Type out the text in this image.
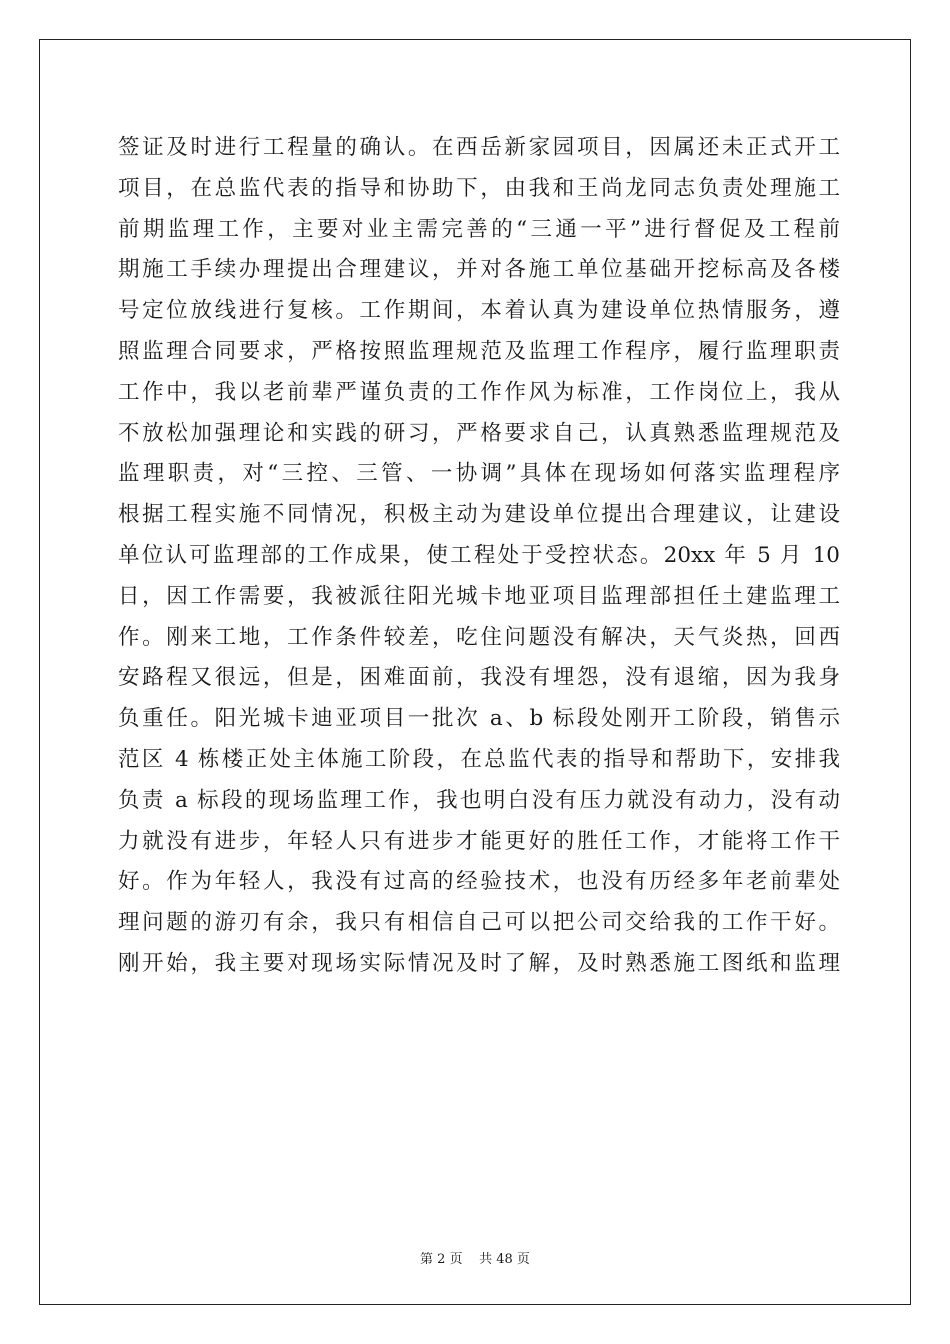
签证及时进行工程量的确认。在西岳新家园项目，因属还未正式开工
项目，在总监代表的指导和协助下，由我和王尚龙同志负责处理施工
前期监理工作，主要对业主需完善的“三通一平”进行督促及工程前
期施工手续办理提出合理建议，并对各施工单位基础开挖标高及各楼
号定位放线进行复核。工作期间，本着认真为建设单位热情服务，遵
照监理合同要求，严格按照监理规范及监理工作程序，履行监理职责
工作中，我以老前辈严谨负责的工作作风为标准，工作岗位上，我从
不放松加强理论和实践的研习，严格要求自己，认真熟悉监理规范及
监理职责，对“三控、三管、一协调”具体在现场如何落实监理程序
根据工程实施不同情况，积极主动为建设单位提出合理建议，让建设
单位认可监理部的工作成果，使工程处于受控状态。20xx 年 5 月 10
日，因工作需要，我被派往阳光城卡地亚项目监理部担任土建监理工
作。刚来工地，工作条件较差，吃住问题没有解决，天气炎热，回西
安路程又很远，但是，困难面前，我没有埋怨，没有退缩，因为我身
负重任。阳光城卡迪亚项目一批次 a、b 标段处刚开工阶段，销售示
范区 4 栋楼正处主体施工阶段，在总监代表的指导和帮助下，安排我
负责 a 标段的现场监理工作，我也明白没有压力就没有动力，没有动
力就没有进步，年轻人只有进步才能更好的胜任工作，才能将工作干
好。作为年轻人，我没有过高的经验技术，也没有历经多年老前辈处
理问题的游刃有余，我只有相信自己可以把公司交给我的工作干好。
刚开始，我主要对现场实际情况及时了解，及时熟悉施工图纸和监理
第 2 页 共 48 页
